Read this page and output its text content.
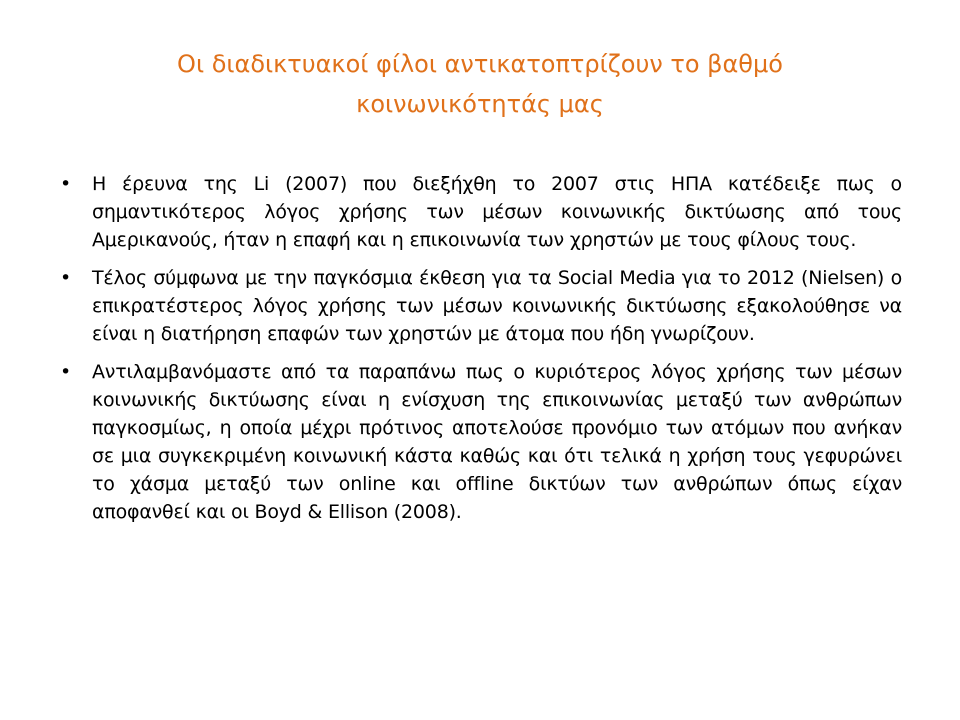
Οι διαδικτυακοί φίλοι αντικατοπτρίζουν το βαθμό
κοινωνικότητάς μας
• Η έρευνα της Li (2007) που διεξήχθη το 2007 στις ΗΠΑ κατέδειξε πως ο σημαντικότερος λόγος χρήσης των μέσων κοινωνικής δικτύωσης από τους Αμερικανούς, ήταν η επαφή και η επικοινωνία των χρηστών με τους φίλους τους.
• Τέλος σύμφωνα με την παγκόσμια έκθεση για τα Social Media για το 2012 (Nielsen) ο επικρατέστερος λόγος χρήσης των μέσων κοινωνικής δικτύωσης εξακολούθησε να είναι η διατήρηση επαφών των χρηστών με άτομα που ήδη γνωρίζουν.
• Αντιλαμβανόμαστε από τα παραπάνω πως ο κυριότερος λόγος χρήσης των μέσων κοινωνικής δικτύωσης είναι η ενίσχυση της επικοινωνίας μεταξύ των ανθρώπων παγκοσμίως, η οποία μέχρι πρότινος αποτελούσε προνόμιο των ατόμων που ανήκαν σε μια συγκεκριμένη κοινωνική κάστα καθώς και ότι τελικά η χρήση τους γεφυρώνει το χάσμα μεταξύ των online και offline δικτύων των ανθρώπων όπως είχαν αποφανθεί και οι Boyd & Ellison (2008).
